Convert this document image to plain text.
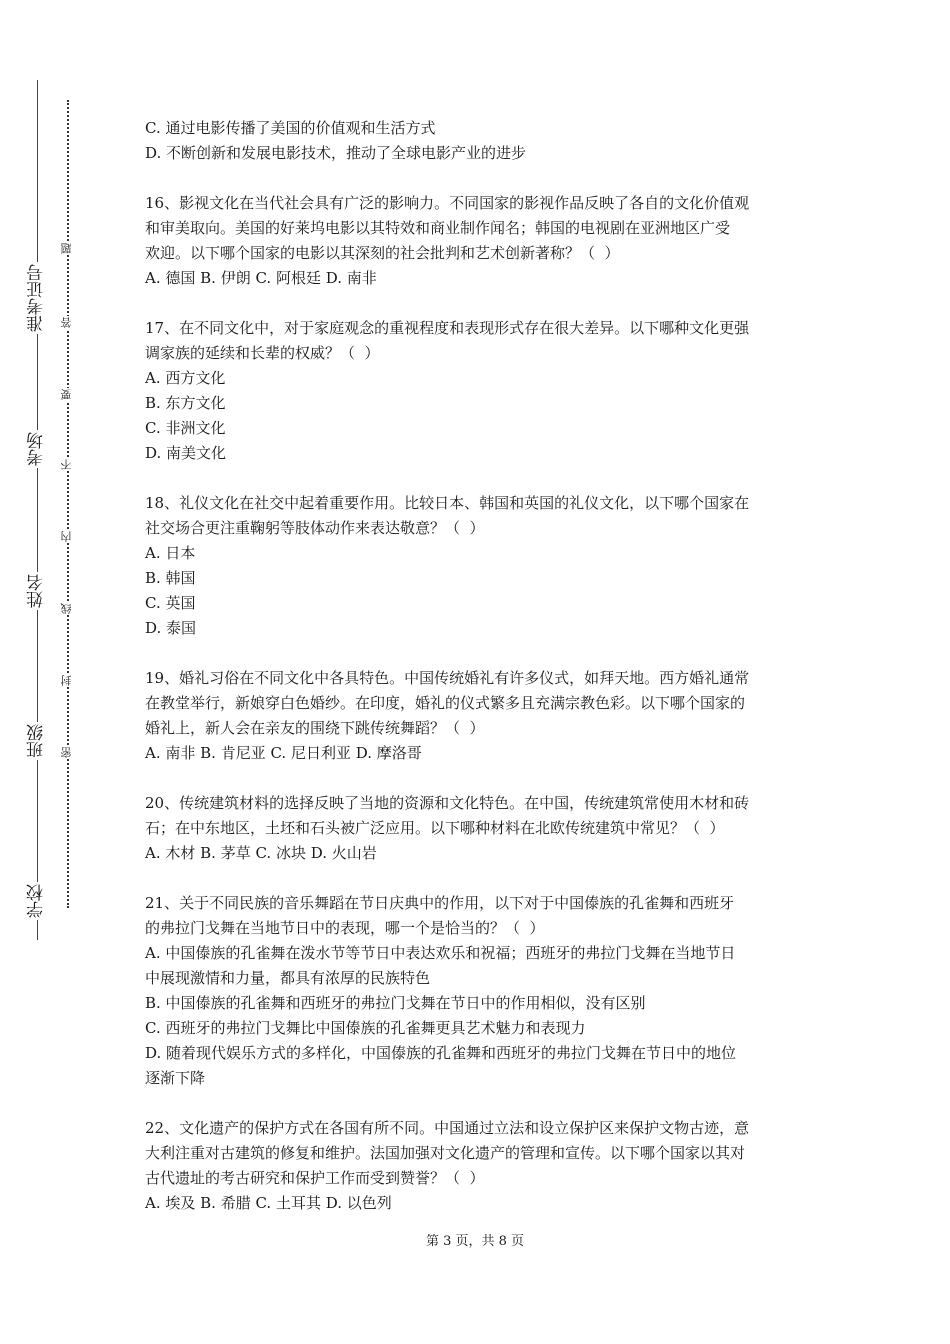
准考证号
考场
姓名
班级
学校
题
答
要
不
内
线
封
密
C. 通过电影传播了美国的价值观和生活方式
D. 不断创新和发展电影技术，推动了全球电影产业的进步
16、影视文化在当代社会具有广泛的影响力。不同国家的影视作品反映了各自的文化价值观
和审美取向。美国的好莱坞电影以其特效和商业制作闻名；韩国的电视剧在亚洲地区广受
欢迎。以下哪个国家的电影以其深刻的社会批判和艺术创新著称？（  ）
A. 德国 B. 伊朗 C. 阿根廷 D. 南非
17、在不同文化中，对于家庭观念的重视程度和表现形式存在很大差异。以下哪种文化更强
调家族的延续和长辈的权威？（  ）
A. 西方文化
B. 东方文化
C. 非洲文化
D. 南美文化
18、礼仪文化在社交中起着重要作用。比较日本、韩国和英国的礼仪文化，以下哪个国家在
社交场合更注重鞠躬等肢体动作来表达敬意？（  ）
A. 日本
B. 韩国
C. 英国
D. 泰国
19、婚礼习俗在不同文化中各具特色。中国传统婚礼有许多仪式，如拜天地。西方婚礼通常
在教堂举行，新娘穿白色婚纱。在印度，婚礼的仪式繁多且充满宗教色彩。以下哪个国家的
婚礼上，新人会在亲友的围绕下跳传统舞蹈？（  ）
A. 南非 B. 肯尼亚 C. 尼日利亚 D. 摩洛哥
20、传统建筑材料的选择反映了当地的资源和文化特色。在中国，传统建筑常使用木材和砖
石；在中东地区，土坯和石头被广泛应用。以下哪种材料在北欧传统建筑中常见？（  ）
A. 木材 B. 茅草 C. 冰块 D. 火山岩
21、关于不同民族的音乐舞蹈在节日庆典中的作用，以下对于中国傣族的孔雀舞和西班牙
的弗拉门戈舞在当地节日中的表现，哪一个是恰当的？（  ）
A. 中国傣族的孔雀舞在泼水节等节日中表达欢乐和祝福；西班牙的弗拉门戈舞在当地节日
中展现激情和力量，都具有浓厚的民族特色
B. 中国傣族的孔雀舞和西班牙的弗拉门戈舞在节日中的作用相似，没有区别
C. 西班牙的弗拉门戈舞比中国傣族的孔雀舞更具艺术魅力和表现力
D. 随着现代娱乐方式的多样化，中国傣族的孔雀舞和西班牙的弗拉门戈舞在节日中的地位
逐渐下降
22、文化遗产的保护方式在各国有所不同。中国通过立法和设立保护区来保护文物古迹，意
大利注重对古建筑的修复和维护。法国加强对文化遗产的管理和宣传。以下哪个国家以其对
古代遗址的考古研究和保护工作而受到赞誉？（  ）
A. 埃及 B. 希腊 C. 土耳其 D. 以色列
第 3 页，共 8 页
